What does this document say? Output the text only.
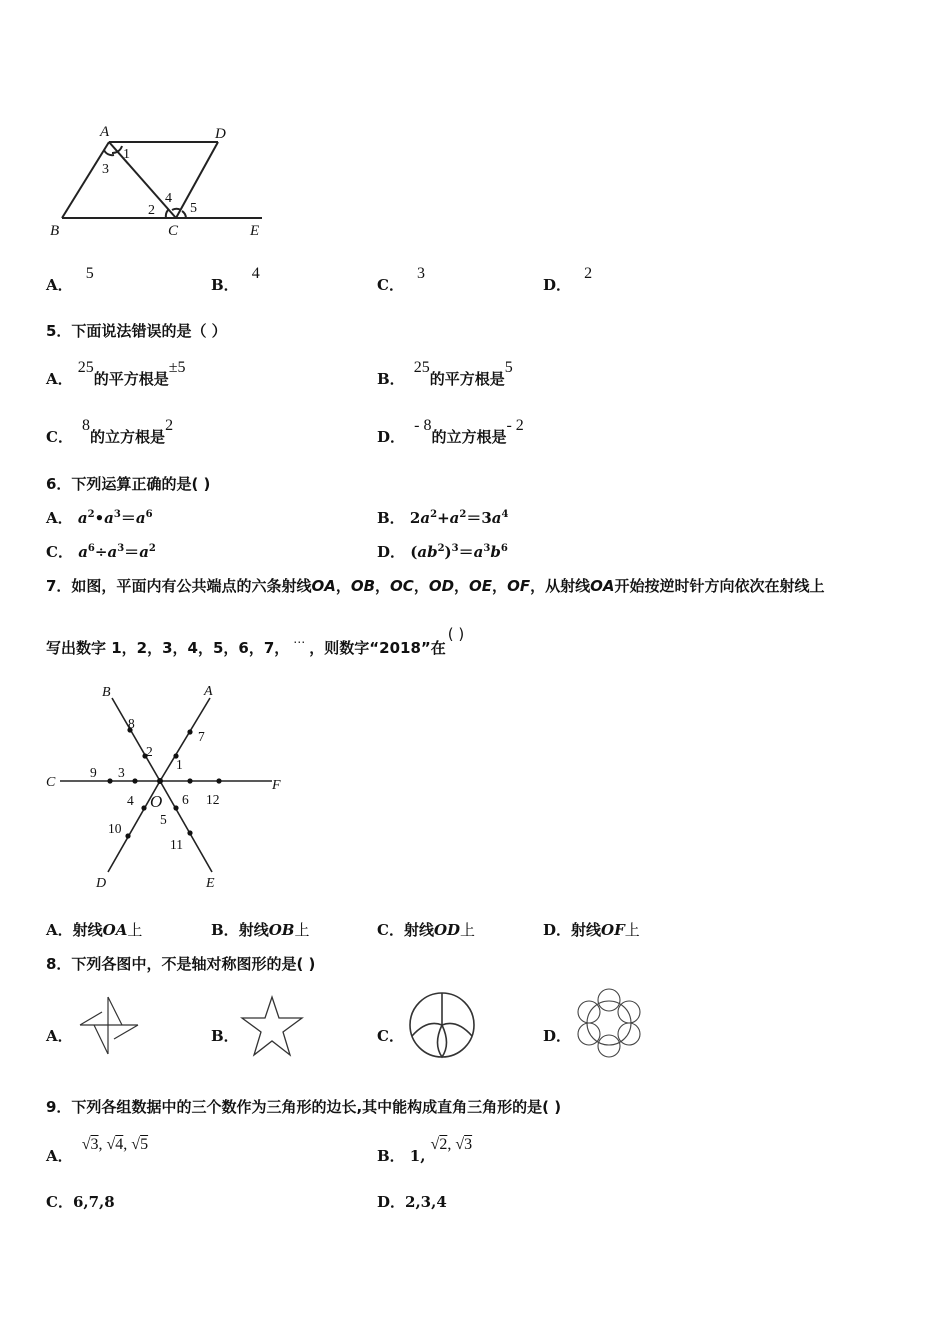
A	D
B	C	E
1
3
2
4
5
A． 5
B． 4
C． 3
D． 2
5．下面说法错误的是（ ）
A． 25的平方根是±5
B． 25的平方根是5
C． 8的立方根是2
D． - 8的立方根是- 2
6．下列运算正确的是( )
A． $a^2•a^3=a^6$	B． $2a^2+a^2=3a^4$
C． $a^6\div a^3=a^2$	D． $(ab^2)^3=a^3b^6$
7．如图，平面内有公共端点的六条射线OA，OB，OC，OD，OE，OF，从射线OA开始按逆时针方向依次在射线上
写出数字 1，2，3，4，5，6，7， … ，则数字“2018”在( )
A
B
C	F
D	E
O
1
2
3
4
5
6
7
8
9
10
11
12
A．射线OA上	B．射线OB上	C．射线OD上	D．射线OF上
8．下列各图中，不是轴对称图形的是( )
A．	B．	C．	D．
9．下列各组数据中的三个数作为三角形的边长,其中能构成直角三角形的是( )
A． √3, √4, √5
B． 1, √2, √3
C．6,7,8	D．2,3,4
